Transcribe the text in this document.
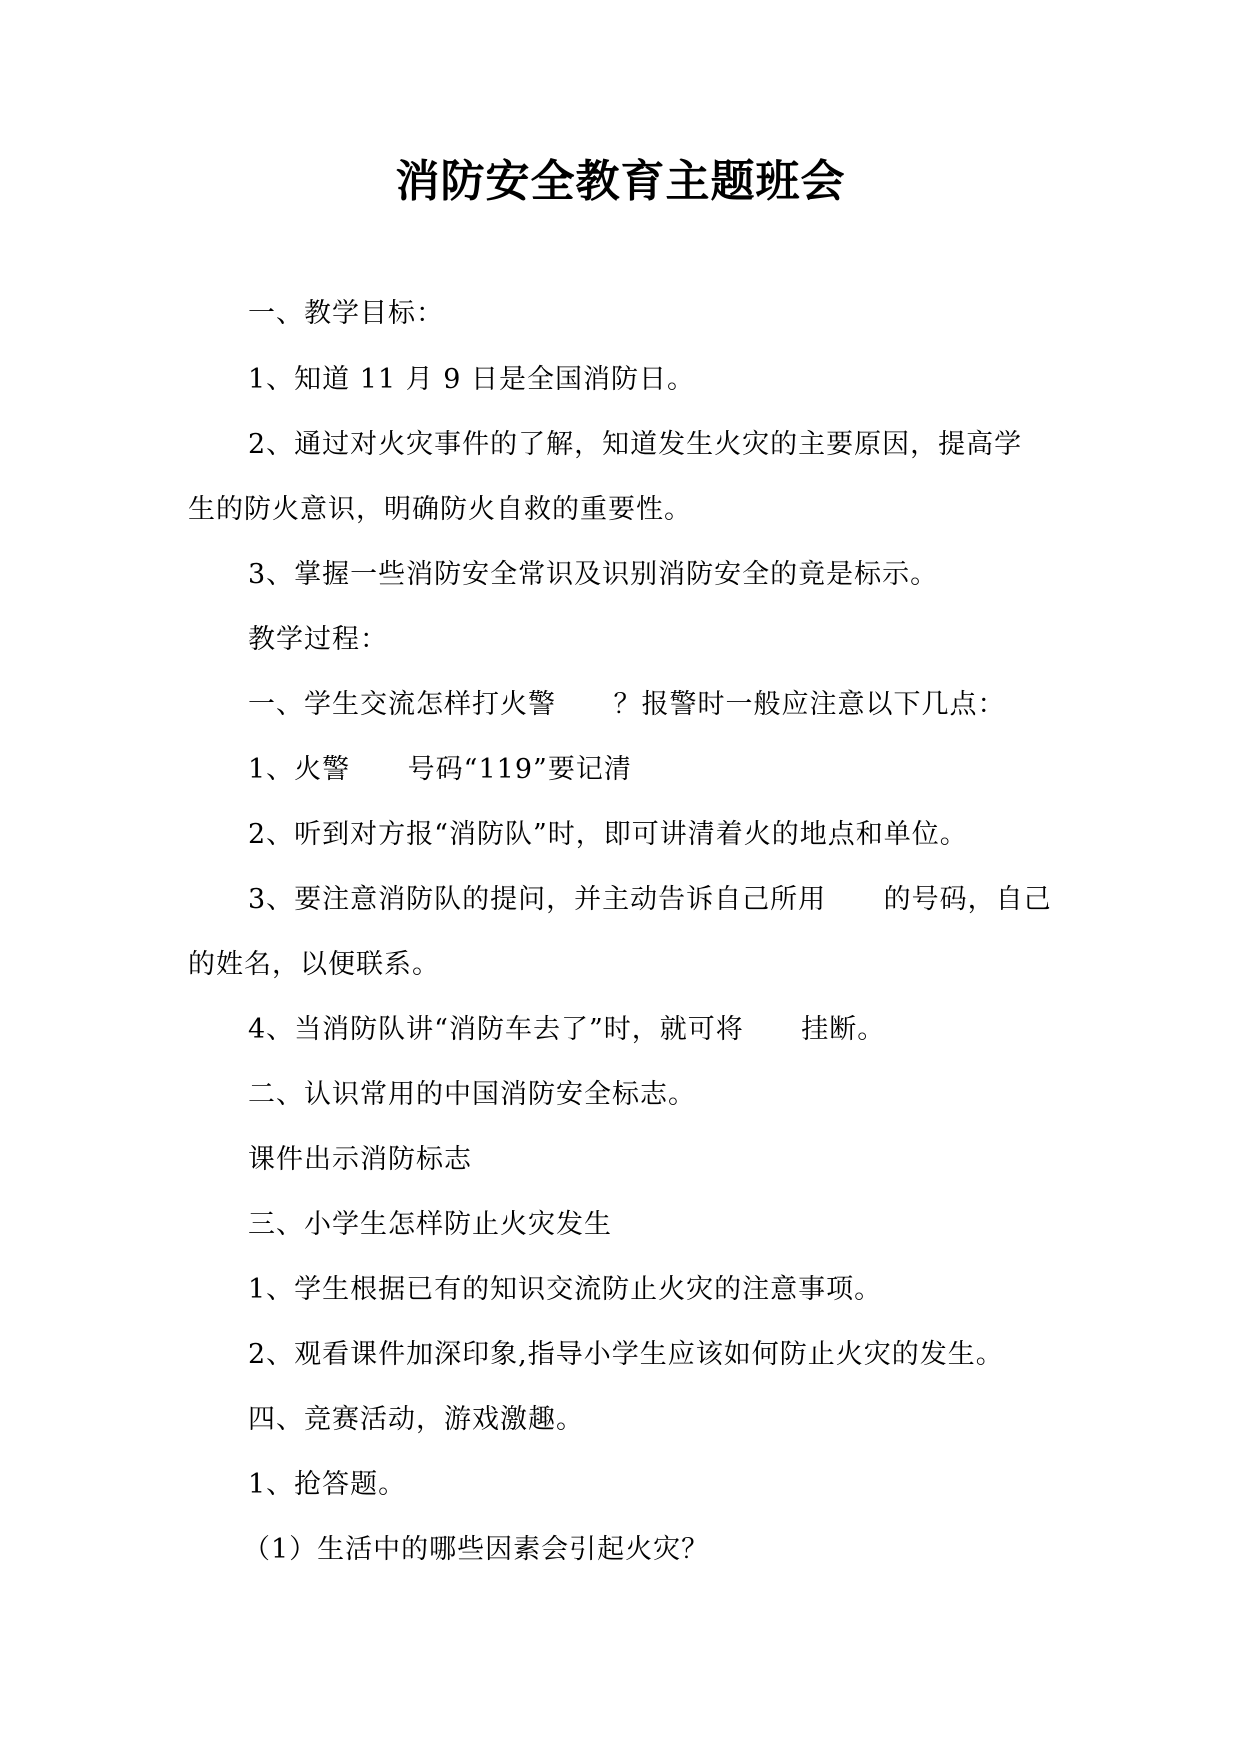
消防安全教育主题班会
一、教学目标：
1、知道 11 月 9 日是全国消防日。
2、通过对火灾事件的了解，知道发生火灾的主要原因，提高学
生的防火意识，明确防火自救的重要性。
3、掌握一些消防安全常识及识别消防安全的竟是标示。
教学过程：
一、学生交流怎样打火警      ？报警时一般应注意以下几点：
1、火警      号码“119”要记清
2、听到对方报“消防队”时，即可讲清着火的地点和单位。
3、要注意消防队的提问，并主动告诉自己所用      的号码，自己
的姓名，以便联系。
4、当消防队讲“消防车去了”时，就可将      挂断。
二、认识常用的中国消防安全标志。
课件出示消防标志
三、小学生怎样防止火灾发生
1、学生根据已有的知识交流防止火灾的注意事项。
2、观看课件加深印象,指导小学生应该如何防止火灾的发生。
四、竞赛活动，游戏激趣。
1、抢答题。
（1）生活中的哪些因素会引起火灾？
